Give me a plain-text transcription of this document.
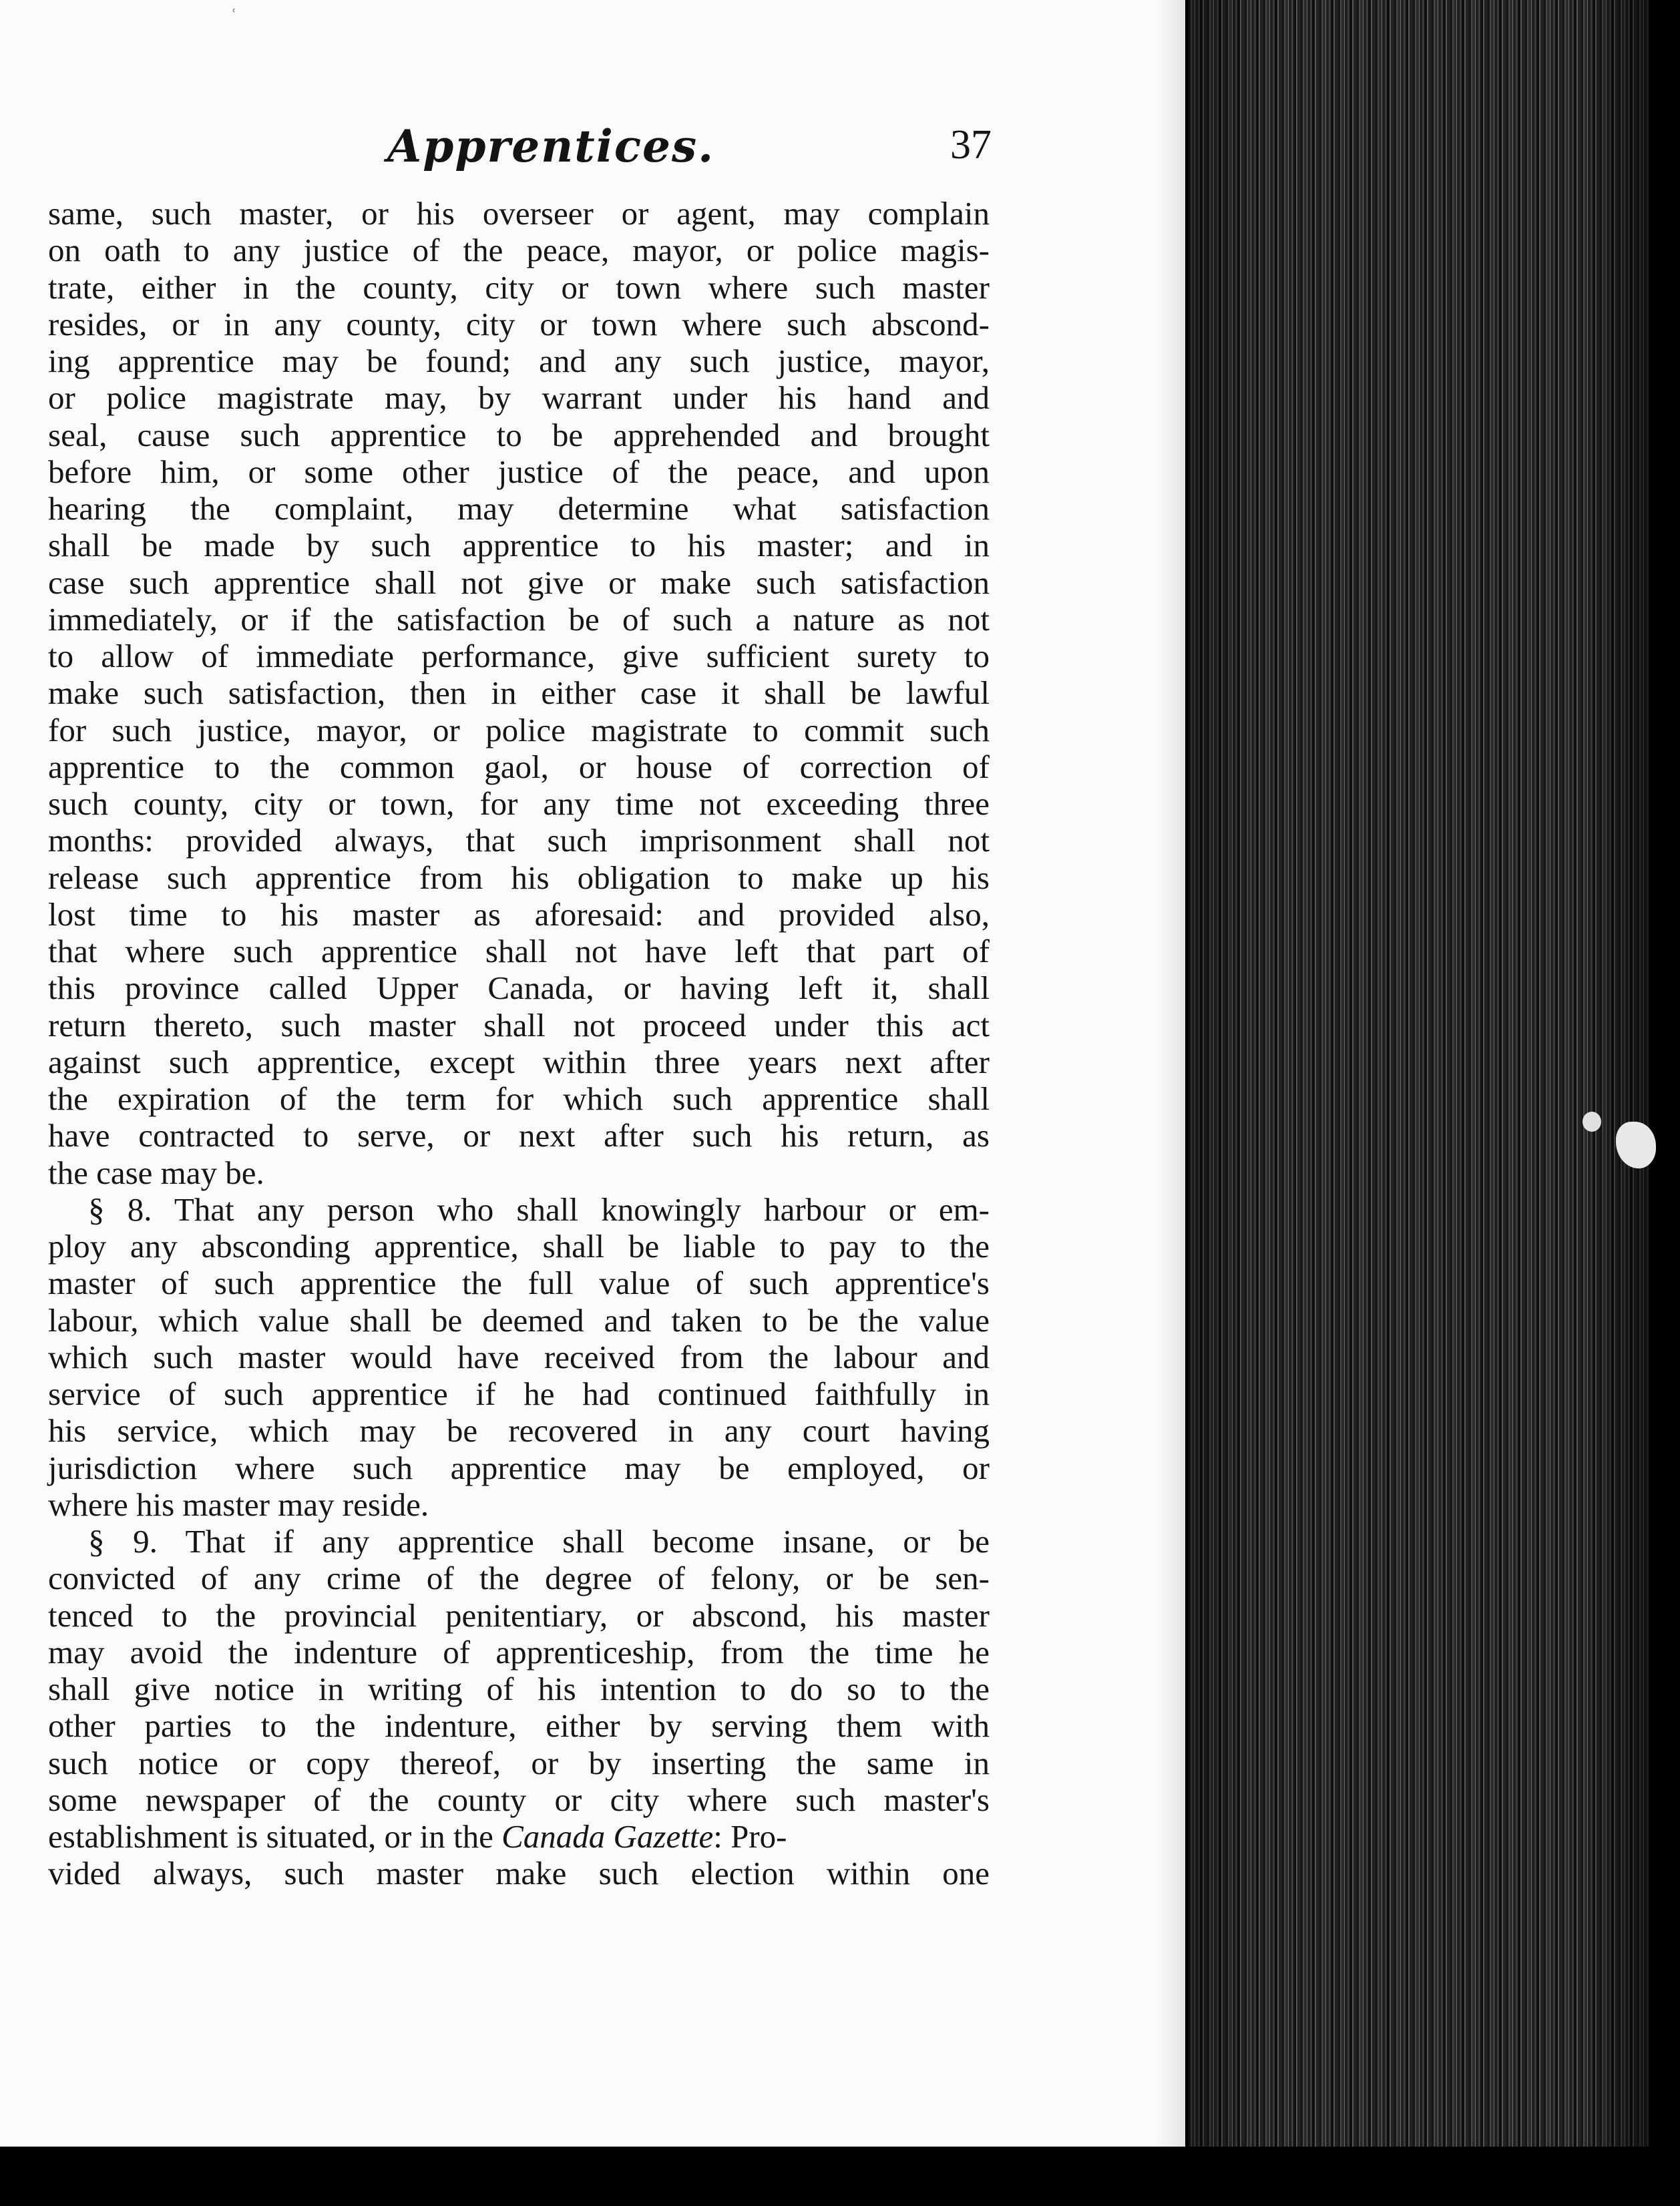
ʿ
Apprentices.	37
same, such master, or his overseer or agent, may complain
on oath to any justice of the peace, mayor, or police magis-
trate, either in the county, city or town where such master
resides, or in any county, city or town where such abscond-
ing apprentice may be found; and any such justice, mayor,
or police magistrate may, by warrant under his hand and
seal, cause such apprentice to be apprehended and brought
before him, or some other justice of the peace, and upon
hearing the complaint, may determine what satisfaction
shall be made by such apprentice to his master; and in
case such apprentice shall not give or make such satisfaction
immediately, or if the satisfaction be of such a nature as not
to allow of immediate performance, give sufficient surety to
make such satisfaction, then in either case it shall be lawful
for such justice, mayor, or police magistrate to commit such
apprentice to the common gaol, or house of correction of
such county, city or town, for any time not exceeding three
months: provided always, that such imprisonment shall not
release such apprentice from his obligation to make up his
lost time to his master as aforesaid: and provided also,
that where such apprentice shall not have left that part of
this province called Upper Canada, or having left it, shall
return thereto, such master shall not proceed under this act
against such apprentice, except within three years next after
the expiration of the term for which such apprentice shall
have contracted to serve, or next after such his return, as
the case may be.
§ 8. That any person who shall knowingly harbour or em-
ploy any absconding apprentice, shall be liable to pay to the
master of such apprentice the full value of such apprentice's
labour, which value shall be deemed and taken to be the value
which such master would have received from the labour and
service of such apprentice if he had continued faithfully in
his service, which may be recovered in any court having
jurisdiction where such apprentice may be employed, or
where his master may reside.
§ 9. That if any apprentice shall become insane, or be
convicted of any crime of the degree of felony, or be sen-
tenced to the provincial penitentiary, or abscond, his master
may avoid the indenture of apprenticeship, from the time he
shall give notice in writing of his intention to do so to the
other parties to the indenture, either by serving them with
such notice or copy thereof, or by inserting the same in
some newspaper of the county or city where such master's
establishment is situated, or in the Canada Gazette: Pro-
vided always, such master make such election within one
